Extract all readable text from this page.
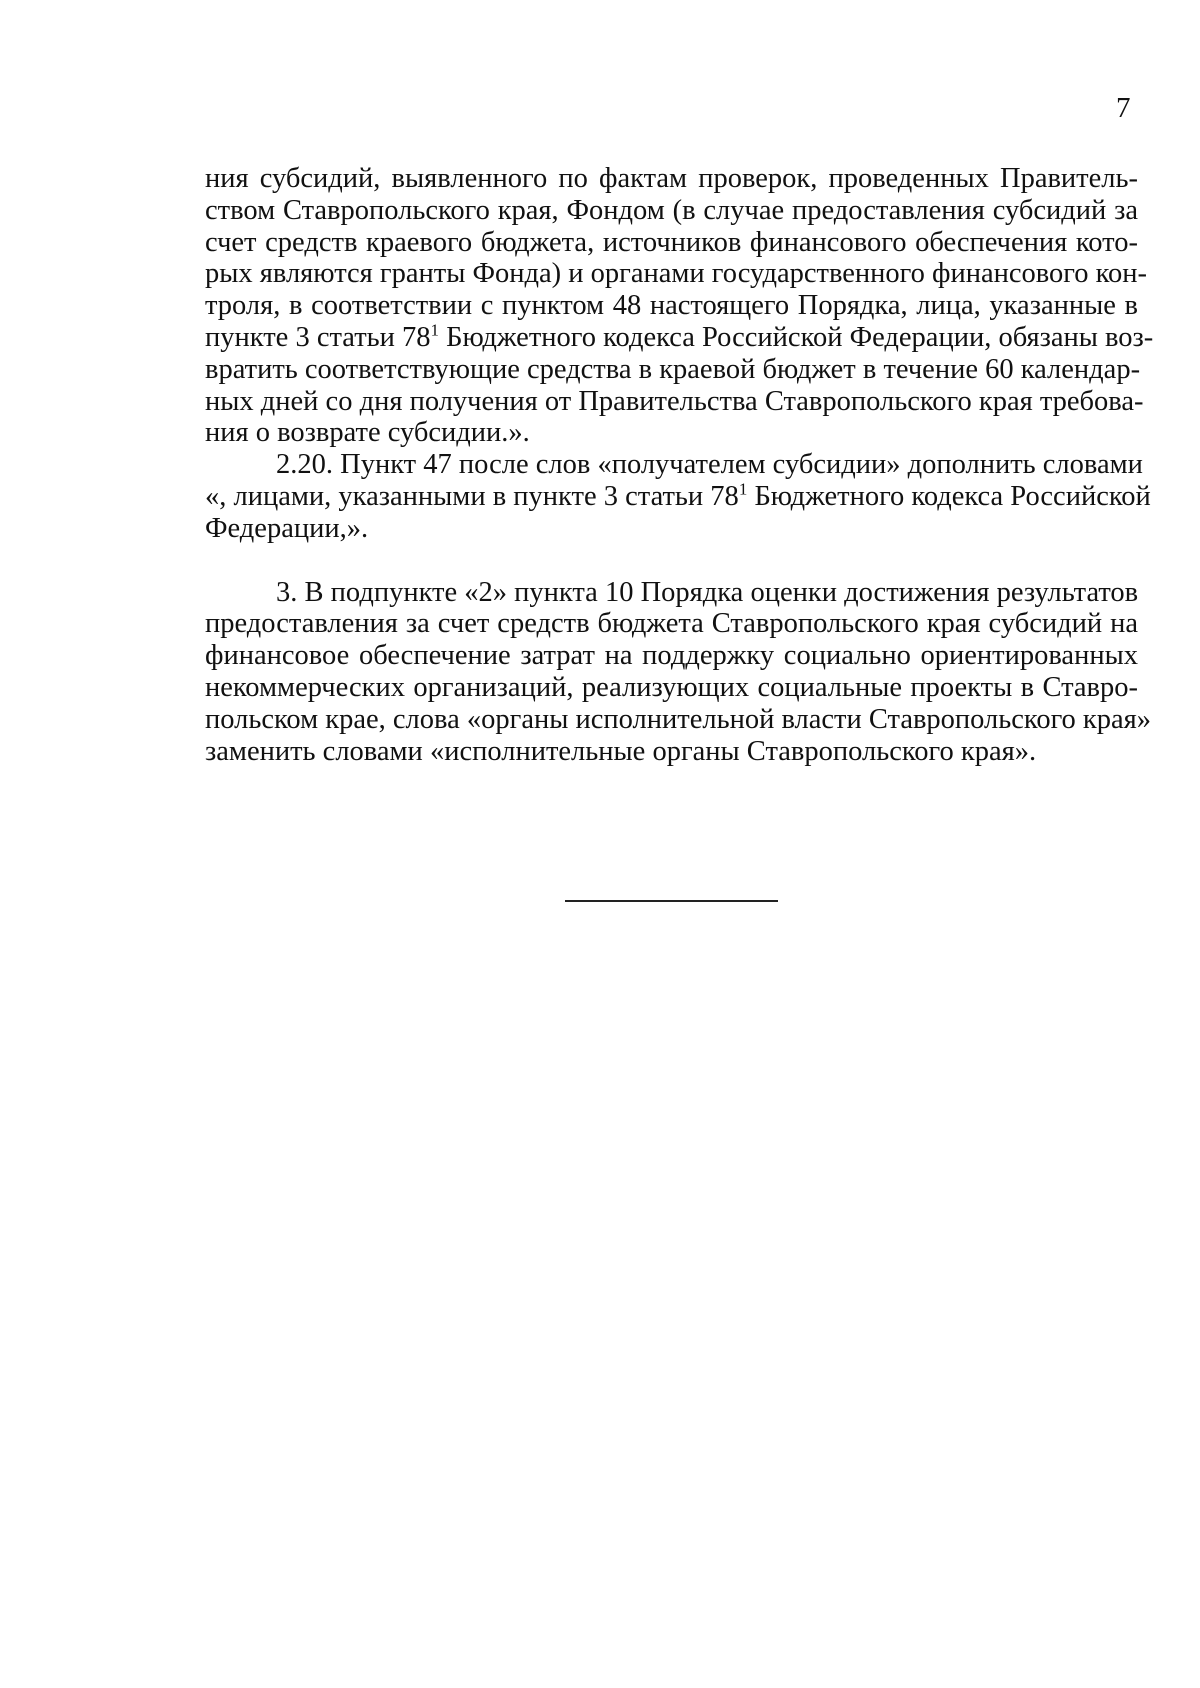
7
ния субсидий, выявленного по фактам проверок, проведенных Правитель-
ством Ставропольского края, Фондом (в случае предоставления субсидий за
счет средств краевого бюджета, источников финансового обеспечения кото-
рых являются гранты Фонда) и органами государственного финансового кон-
троля, в соответствии с пунктом 48 настоящего Порядка, лица, указанные в
пункте 3 статьи $78^1$ Бюджетного кодекса Российской Федерации, обязаны воз-
вратить соответствующие средства в краевой бюджет в течение 60 календар-
ных дней со дня получения от Правительства Ставропольского края требова-
ния о возврате субсидии.».
2.20. Пункт 47 после слов «получателем субсидии» дополнить словами
«, лицами, указанными в пункте 3 статьи $78^1$ Бюджетного кодекса Российской
Федерации,».
3. В подпункте «2» пункта 10 Порядка оценки достижения результатов
предоставления за счет средств бюджета Ставропольского края субсидий на
финансовое обеспечение затрат на поддержку социально ориентированных
некоммерческих организаций, реализующих социальные проекты в Ставро-
польском крае, слова «органы исполнительной власти Ставропольского края»
заменить словами «исполнительные органы Ставропольского края».
